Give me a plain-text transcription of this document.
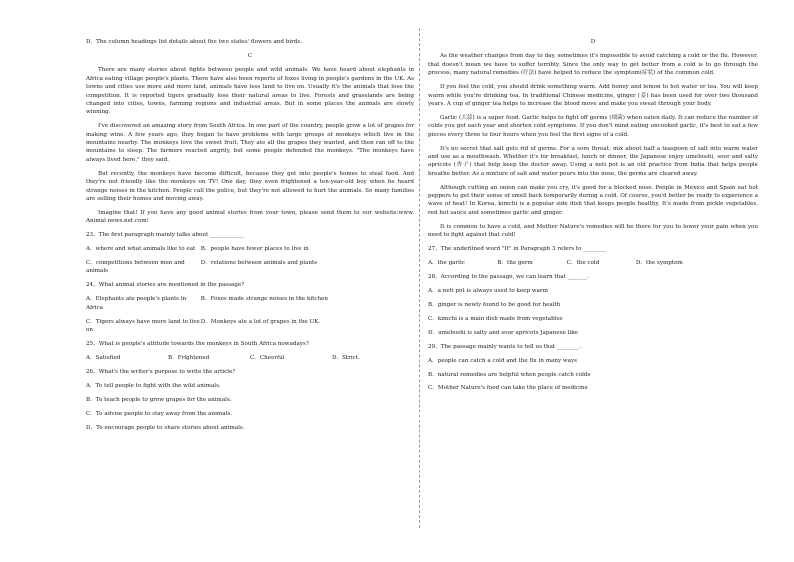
D．The column headings list details about the two states' flowers and birds.

C

There are many stories about fights between people and wild animals. We have heard about elephants in Africa eating village people's plants. There have also been reports of foxes living in people's gardens in the UK. As towns and cities use more and more land, animals have less land to live on. Usually it's the animals that lose the competition. It is reported tigers gradually lose their natural areas to live. Forests and grasslands are being changed into cities, towns, farming regions and industrial areas. But in some places the animals are slowly winning.

I've discovered an amazing story from South Africa. In one part of the country, people grow a lot of grapes for making wine. A few years ago, they began to have problems with large groups of monkeys which live in the mountains nearby. The monkeys love the sweet fruit. They ate all the grapes they wanted, and then ran off to the mountains to sleep. The farmers reacted angrily, but some people defended the monkeys. "The monkeys have always lived here," they said.

But recently, the monkeys have become difficult, because they get into people's homes to steal food. And they're not friendly like the monkeys on TV! One day, they even frightened a ten-year-old boy when he heard strange noises in the kitchen. People call the police, but they're not allowed to hurt the animals. So many families are selling their homes and moving away.

Imagine that! If you have any good animal stories from your town, please send them to our website:www. Animal news.net.com!

23、The first paragraph mainly talks about ____________

A．where and what animals like to eat B．people have fewer places to live in
C．competitions between men and animals
D．relations between animals and plants

24、What animal stories are mentioned in the passage?

A．Elephants ate people's plants in Africa
B．Foxes made strange noises in the kitchen
C．Tigers always have more land to live on
D．Monkeys ate a lot of grapes in the UK.

25、What is people's attitude towards the monkeys in South Africa nowadays?

A．Satisfied	B．Frightened	C．Cheerful	D．Strict.

26、What's the writer's purpose to write the article?

A．To tell people to fight with the wild animals.

B．To teach people to grow grapes for the animals.

C．To advise people to stay away from the animals.

D．To encourage people to share stories about animals.

D

As the weather changes from day to day, sometimes it's impossible to avoid catching a cold or the flu. However, that doesn't mean we have to suffer terribly. Since the only way to get better from a cold is to go through the process, many natural remedies (疗法) have helped to reduce the symptom(症状) of the common cold.

If you feel the cold, you should drink something warm. Add honey and lemon to hot water or tea. You will keep warm while you're drinking tea. In traditional Chinese medicine, ginger (姜) has been used for over two thousand years. A cup of ginger tea helps to increase the blood move and make you sweat through your body.

Garlic (大蒜) is a super food. Garlic helps to fight off germs (细菌) when eaten daily. It can reduce the number of colds you get each year and shorten cold symptoms. If you don't mind eating uncooked garlic, it's best to eat a few pieces every three to four hours when you feel the first signs of a cold.

It's no secret that salt gets rid of germs. For a sore throat, mix about half a teaspoon of salt into warm water and use as a mouthwash. Whether it's for breakfast, lunch or dinner, the Japanese enjoy umeboshi, sour and salty apricots (杏子) that help keep the doctor away. Using a neti pot is an old practice from India that helps people breathe better. As a mixture of salt and water pours into the nose, the germs are cleared away.

Although cutting an onion can make you cry, it's good for a blocked nose. People in Mexico and Spain eat hot peppers to get their sense of smell back temporarily during a cold. Of course, you'd better be ready to experience a wave of heat! In Korea, kimchi is a popular side dish that keeps people healthy. It's made from pickle vegetables, red hot sauce and sometimes garlic and ginger.

It is common to have a cold, and Mother Nature's remedies will be there for you to lower your pain when you need to fight against that cold!

27、The underlined word "It" in Paragraph 3 refers to ________

A．the garlic	B．the germ	C．the cold	D．the symptom

28、According to the passage, we can learn that _______.

A．a neti pot is always used to keep warm

B．ginger is newly found to be good for health

C．kimchi is a main dish made from vegetables

D．umeboshi is salty and sour apricots Japanese like

29、The passage mainly wants to tell us that ________.

A．people can catch a cold and the flu in many ways

B．natural remedies are helpful when people catch colds

C．Mother Nature's food can take the place of medicine
